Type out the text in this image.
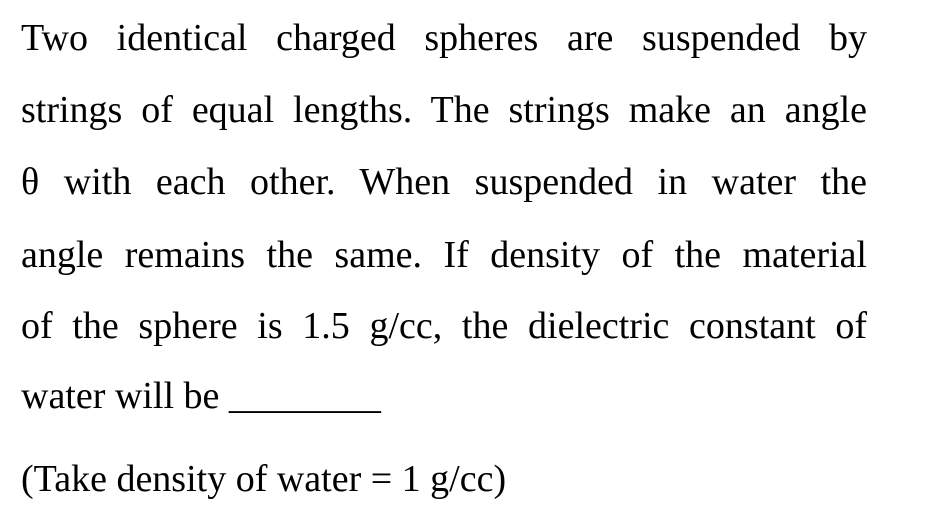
Two identical charged spheres are suspended by
strings of equal lengths. The strings make an angle
θ with each other. When suspended in water the
angle remains the same. If density of the material
of the sphere is 1.5 g/cc, the dielectric constant of
water will be ________
(Take density of water = 1 g/cc)
